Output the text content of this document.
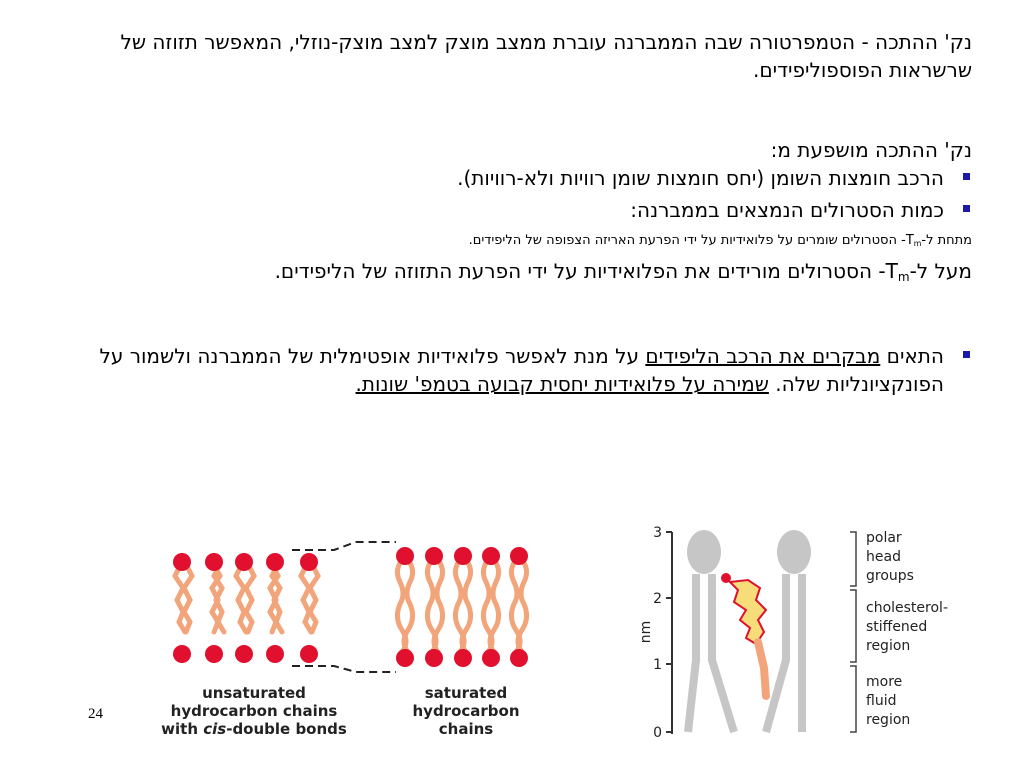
נק' ההתכה - הטמפרטורה שבה הממברנה עוברת ממצב מוצק למצב מוצק-נוזלי, המאפשר תזוזה של שרשראות הפוספוליפידים.

נק' ההתכה מושפעת מ:

הרכב חומצות השומן (יחס חומצות שומן רוויות ולא-רוויות).

כמות הסטרולים הנמצאים בממברנה:

מתחת $ל-T_m-$ הסטרולים שומרים על פלואידיות על ידי הפרעת האריזה הצפופה של הליפידים.

מעל $ל-T_m-$ הסטרולים מורידים את הפלואידיות על ידי הפרעת התזוזה של הליפידים.

התאים מבקרים את הרכב הליפידים על מנת לאפשר פלואידיות אופטימלית של הממברנה ולשמור על הפונקציונליות שלה. שמירה על פלואידיות יחסית קבועה בטמפ' שונות.

unsaturated
hydrocarbon chains
with cis-double bonds
saturated
hydrocarbon
chains
3
2
1
0
nm
polar
head
groups
cholesterol-
stiffened
region
more
fluid
region
24
